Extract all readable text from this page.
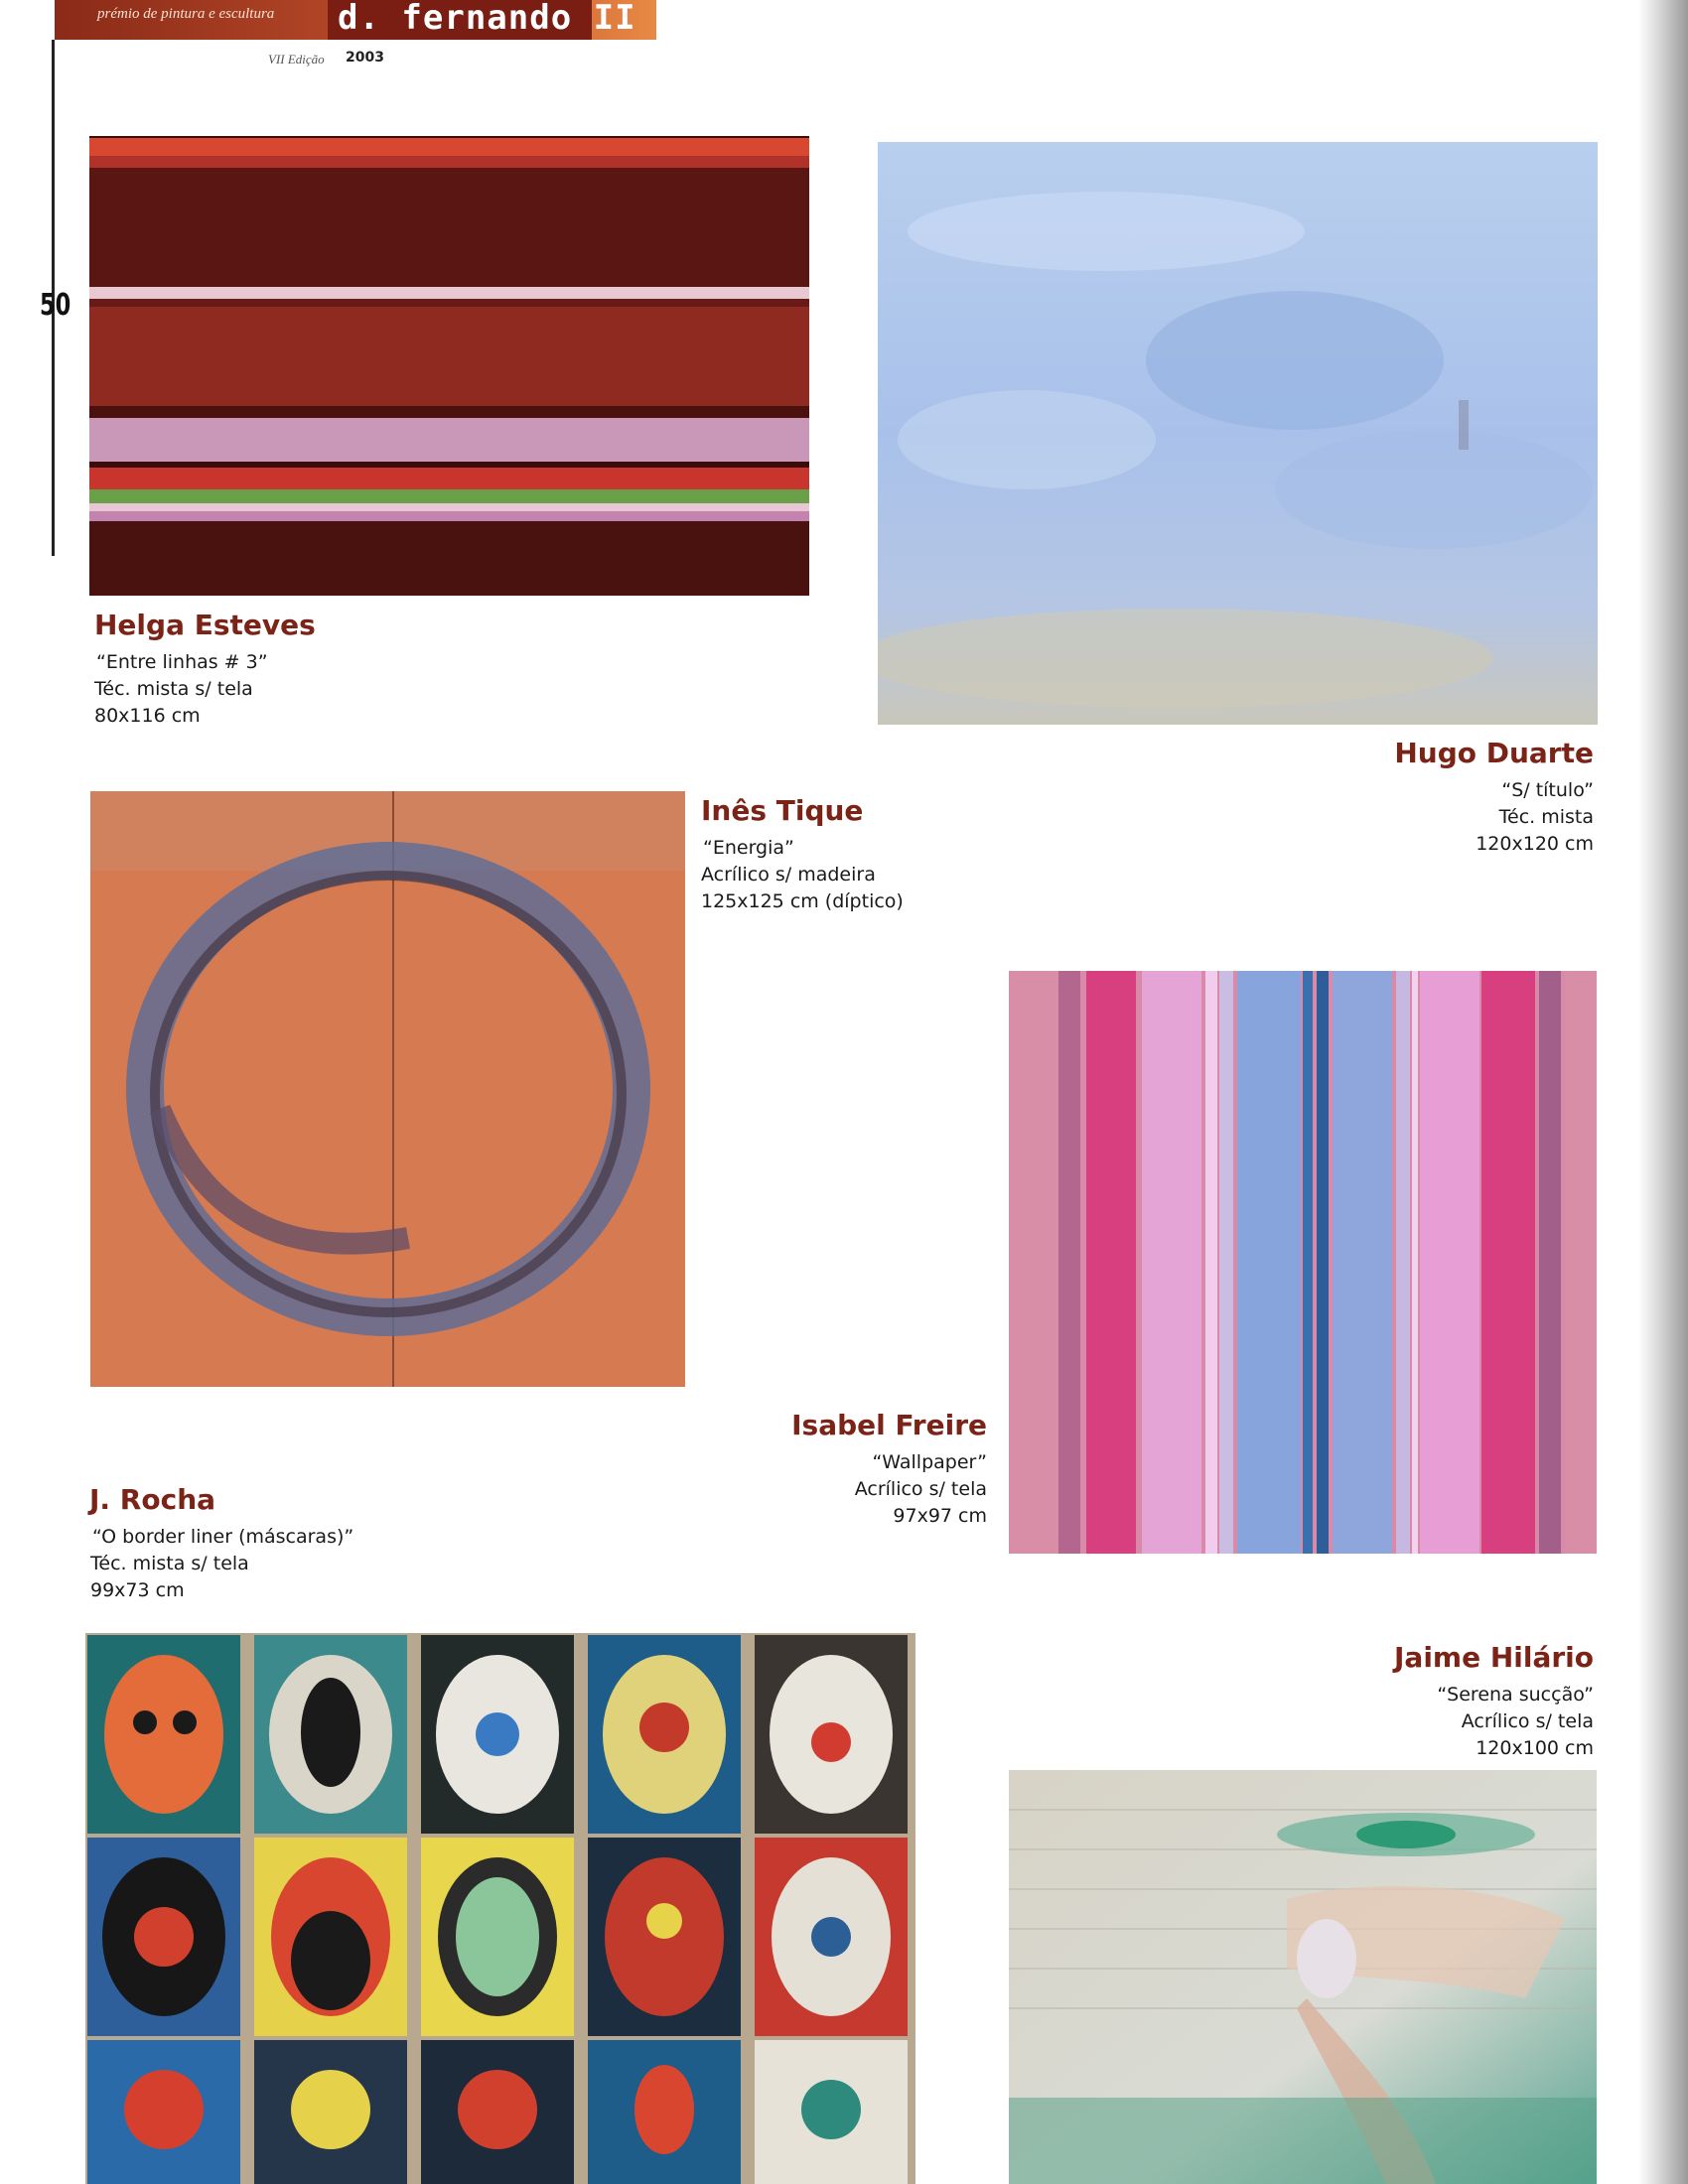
prémio de pintura e escultura d. fernando II
VII Edição 2003
50
Helga Esteves
“Entre linhas # 3”
Téc. mista s/ tela
80x116 cm
Hugo Duarte
“S/ título”
Téc. mista
120x120 cm
Inês Tique
“Energia”
Acrílico s/ madeira
125x125 cm (díptico)
Isabel Freire
“Wallpaper”
Acrílico s/ tela
97x97 cm
J. Rocha
“O border liner (máscaras)”
Téc. mista s/ tela
99x73 cm
Jaime Hilário
“Serena sucção”
Acrílico s/ tela
120x100 cm
